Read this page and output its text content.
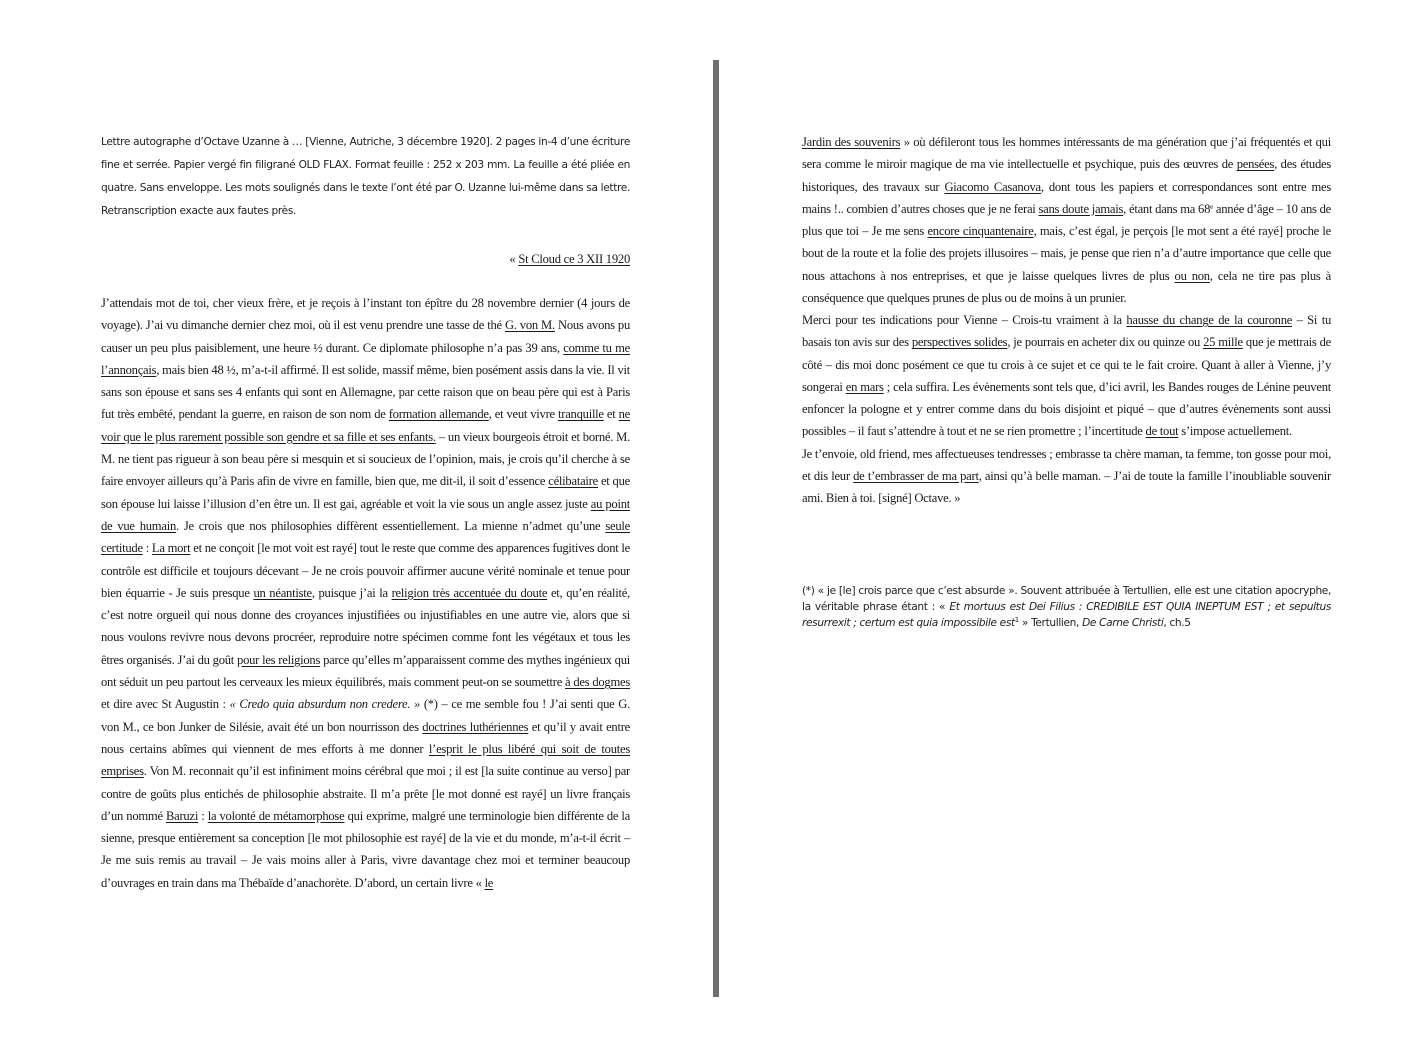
Lettre autographe d’Octave Uzanne à … [Vienne, Autriche, 3 décembre 1920]. 2 pages in-4 d’une écriture fine et serrée. Papier vergé fin filigrané OLD FLAX. Format feuille : 252 x 203 mm. La feuille a été pliée en quatre. Sans enveloppe. Les mots soulignés dans le texte l’ont été par O. Uzanne lui-même dans sa lettre. Retranscription exacte aux fautes près.
« St Cloud ce 3 XII 1920
J’attendais mot de toi, cher vieux frère, et je reçois à l’instant ton épître du 28 novembre dernier (4 jours de voyage). J’ai vu dimanche dernier chez moi, où il est venu prendre une tasse de thé G. von M. Nous avons pu causer un peu plus paisiblement, une heure ½ durant. Ce diplomate philosophe n’a pas 39 ans, comme tu me l’annonçais, mais bien 48 ½, m’a-t-il affirmé. Il est solide, massif même, bien posément assis dans la vie. Il vit sans son épouse et sans ses 4 enfants qui sont en Allemagne, par cette raison que on beau père qui est à Paris fut très embêté, pendant la guerre, en raison de son nom de formation allemande, et veut vivre tranquille et ne voir que le plus rarement possible son gendre et sa fille et ses enfants. – un vieux bourgeois étroit et borné. M. M. ne tient pas rigueur à son beau père si mesquin et si soucieux de l’opinion, mais, je crois qu’il cherche à se faire envoyer ailleurs qu’à Paris afin de vivre en famille, bien que, me dit-il, il soit d’essence célibataire et que son épouse lui laisse l’illusion d’en être un. Il est gai, agréable et voit la vie sous un angle assez juste au point de vue humain. Je crois que nos philosophies diffèrent essentiellement. La mienne n’admet qu’une seule certitude : La mort et ne conçoit [le mot voit est rayé] tout le reste que comme des apparences fugitives dont le contrôle est difficile et toujours décevant – Je ne crois pouvoir affirmer aucune vérité nominale et tenue pour bien équarrie - Je suis presque un néantiste, puisque j’ai la religion très accentuée du doute et, qu’en réalité, c’est notre orgueil qui nous donne des croyances injustifiées ou injustifiables en une autre vie, alors que si nous voulons revivre nous devons procréer, reproduire notre spécimen comme font les végétaux et tous les êtres organisés. J’ai du goût pour les religions parce qu’elles m’apparaissent comme des mythes ingénieux qui ont séduit un peu partout les cerveaux les mieux équilibrés, mais comment peut-on se soumettre à des dogmes et dire avec St Augustin : « Credo quia absurdum non credere. » (*) – ce me semble fou ! J’ai senti que G. von M., ce bon Junker de Silésie, avait été un bon nourrisson des doctrines luthériennes et qu’il y avait entre nous certains abîmes qui viennent de mes efforts à me donner l’esprit le plus libéré qui soit de toutes emprises. Von M. reconnait qu’il est infiniment moins cérébral que moi ; il est [la suite continue au verso] par contre de goûts plus entichés de philosophie abstraite. Il m’a prête [le mot donné est rayé] un livre français d’un nommé Baruzi : la volonté de métamorphose qui exprime, malgré une terminologie bien différente de la sienne, presque entièrement sa conception [le mot philosophie est rayé] de la vie et du monde, m’a-t-il écrit – Je me suis remis au travail – Je vais moins aller à Paris, vivre davantage chez moi et terminer beaucoup d’ouvrages en train dans ma Thébaïde d’anachorète. D’abord, un certain livre « le

Jardin des souvenirs » où défileront tous les hommes intéressants de ma génération que j’ai fréquentés et qui sera comme le miroir magique de ma vie intellectuelle et psychique, puis des œuvres de pensées, des études historiques, des travaux sur Giacomo Casanova, dont tous les papiers et correspondances sont entre mes mains !.. combien d’autres choses que je ne ferai sans doute jamais, étant dans ma 68e année d’âge – 10 ans de plus que toi – Je me sens encore cinquantenaire, mais, c’est égal, je perçois [le mot sent a été rayé] proche le bout de la route et la folie des projets illusoires – mais, je pense que rien n’a d’autre importance que celle que nous attachons à nos entreprises, et que je laisse quelques livres de plus ou non, cela ne tire pas plus à conséquence que quelques prunes de plus ou de moins à un prunier.

Merci pour tes indications pour Vienne – Crois-tu vraiment à la hausse du change de la couronne – Si tu basais ton avis sur des perspectives solides, je pourrais en acheter dix ou quinze ou 25 mille que je mettrais de côté – dis moi donc posément ce que tu crois à ce sujet et ce qui te le fait croire. Quant à aller à Vienne, j’y songerai en mars ; cela suffira. Les évènements sont tels que, d’ici avril, les Bandes rouges de Lénine peuvent enfoncer la pologne et y entrer comme dans du bois disjoint et piqué – que d’autres évènements sont aussi possibles – il faut s’attendre à tout et ne se rien promettre ; l’incertitude de tout s’impose actuellement.

Je t’envoie, old friend, mes affectueuses tendresses ; embrasse ta chère maman, ta femme, ton gosse pour moi, et dis leur de t’embrasser de ma part, ainsi qu’à belle maman. – J’ai de toute la famille l’inoubliable souvenir ami. Bien à toi. [signé] Octave. »

(*) « je [le] crois parce que c’est absurde ». Souvent attribuée à Tertullien, elle est une citation apocryphe, la véritable phrase étant : « Et mortuus est Dei Filius : CREDIBILE EST QUIA INEPTUM EST ; et sepultus resurrexit ; certum est quia impossibile est$^1$ » Tertullien, De Carne Christi, ch.5
